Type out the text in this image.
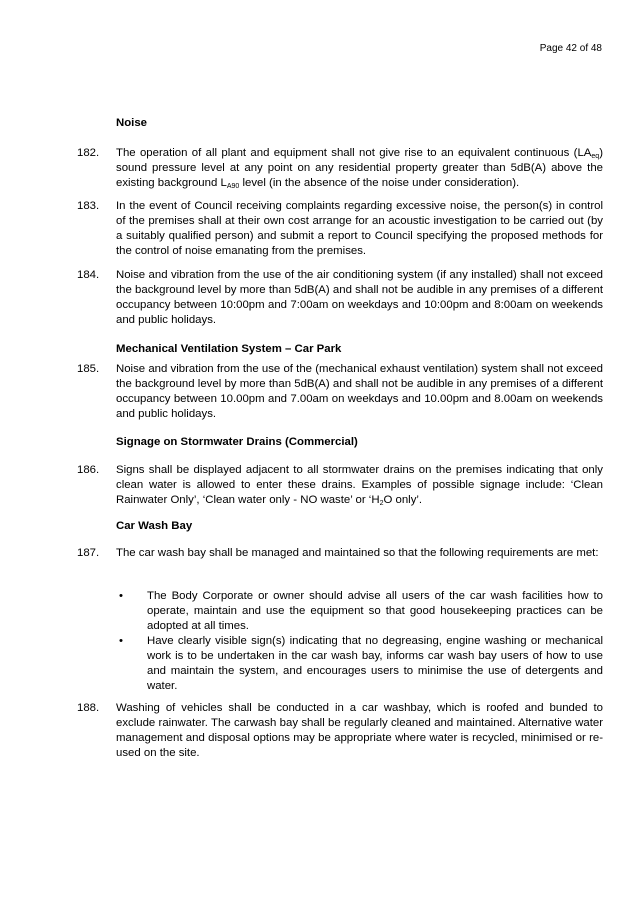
Page 42 of 48
Noise
182. The operation of all plant and equipment shall not give rise to an equivalent continuous $(LA_{eq})$ sound pressure level at any point on any residential property greater than 5dB(A) above the existing background $L_{A90}$ level (in the absence of the noise under consideration).
183. In the event of Council receiving complaints regarding excessive noise, the person(s) in control of the premises shall at their own cost arrange for an acoustic investigation to be carried out (by a suitably qualified person) and submit a report to Council specifying the proposed methods for the control of noise emanating from the premises.
184. Noise and vibration from the use of the air conditioning system (if any installed) shall not exceed the background level by more than 5dB(A) and shall not be audible in any premises of a different occupancy between 10:00pm and 7:00am on weekdays and 10:00pm and 8:00am on weekends and public holidays.
Mechanical Ventilation System – Car Park
185. Noise and vibration from the use of the (mechanical exhaust ventilation) system shall not exceed the background level by more than 5dB(A) and shall not be audible in any premises of a different occupancy between 10.00pm and 7.00am on weekdays and 10.00pm and 8.00am on weekends and public holidays.
Signage on Stormwater Drains (Commercial)
186. Signs shall be displayed adjacent to all stormwater drains on the premises indicating that only clean water is allowed to enter these drains. Examples of possible signage include: ‘Clean Rainwater Only’, ‘Clean water only - NO waste’ or ‘$H_2O$ only’.
Car Wash Bay
187. The car wash bay shall be managed and maintained so that the following requirements are met:
• The Body Corporate or owner should advise all users of the car wash facilities how to operate, maintain and use the equipment so that good housekeeping practices can be adopted at all times.
• Have clearly visible sign(s) indicating that no degreasing, engine washing or mechanical work is to be undertaken in the car wash bay, informs car wash bay users of how to use and maintain the system, and encourages users to minimise the use of detergents and water.
188. Washing of vehicles shall be conducted in a car washbay, which is roofed and bunded to exclude rainwater. The carwash bay shall be regularly cleaned and maintained. Alternative water management and disposal options may be appropriate where water is recycled, minimised or re-used on the site.
